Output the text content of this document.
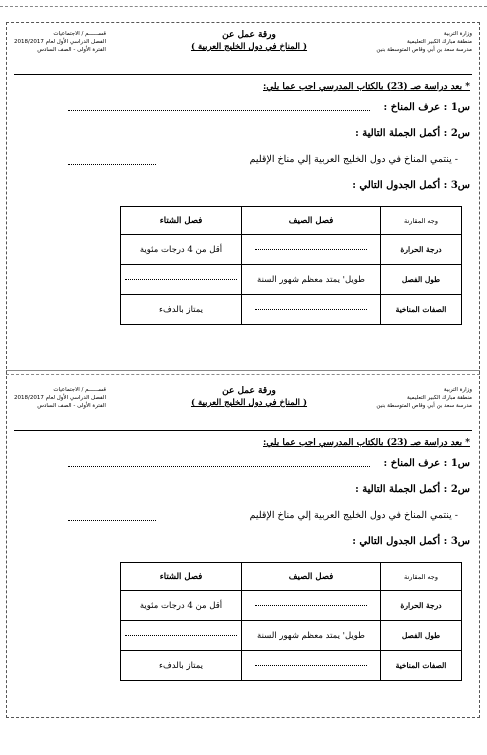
وزارة التربية
منطقة مبارك الكبير التعليمية
مدرسة سعد بن أبي وقاص المتوسطة بنين
ورقة عمل عن
( المناخ في دول الخليج العربية )
قســــــم / الاجتماعيات
الفصل الدراسي الأول لعام 2018/2017
الفترة الأولى - الصف السادس
* بعد دراسة صـ (23) بالكتاب المدرسي اجب عما يلي:
س1 : عرف المناخ :
س2 : أكمل الجملة التالية :
- ينتمي المناخ في دول الخليج العربية إلي مناخ الإقليم
س3 : أكمل الجدول التالي :
وجه المقارنة	فصل الصيف	فصل الشتاء
درجة الحرارة		أقل من 4 درجات مئوية
طول الفصل	طويل' يمتد معظم شهور السنة	
الصفات المناخية		يمتاز بالدفء
وزارة التربية
منطقة مبارك الكبير التعليمية
مدرسة سعد بن أبي وقاص المتوسطة بنين
ورقة عمل عن
( المناخ في دول الخليج العربية )
قســــــم / الاجتماعيات
الفصل الدراسي الأول لعام 2018/2017
الفترة الأولى - الصف السادس
* بعد دراسة صـ (23) بالكتاب المدرسي اجب عما يلي:
س1 : عرف المناخ :
س2 : أكمل الجملة التالية :
- ينتمي المناخ في دول الخليج العربية إلي مناخ الإقليم
س3 : أكمل الجدول التالي :
وجه المقارنة	فصل الصيف	فصل الشتاء
درجة الحرارة		أقل من 4 درجات مئوية
طول الفصل	طويل' يمتد معظم شهور السنة	
الصفات المناخية		يمتاز بالدفء
